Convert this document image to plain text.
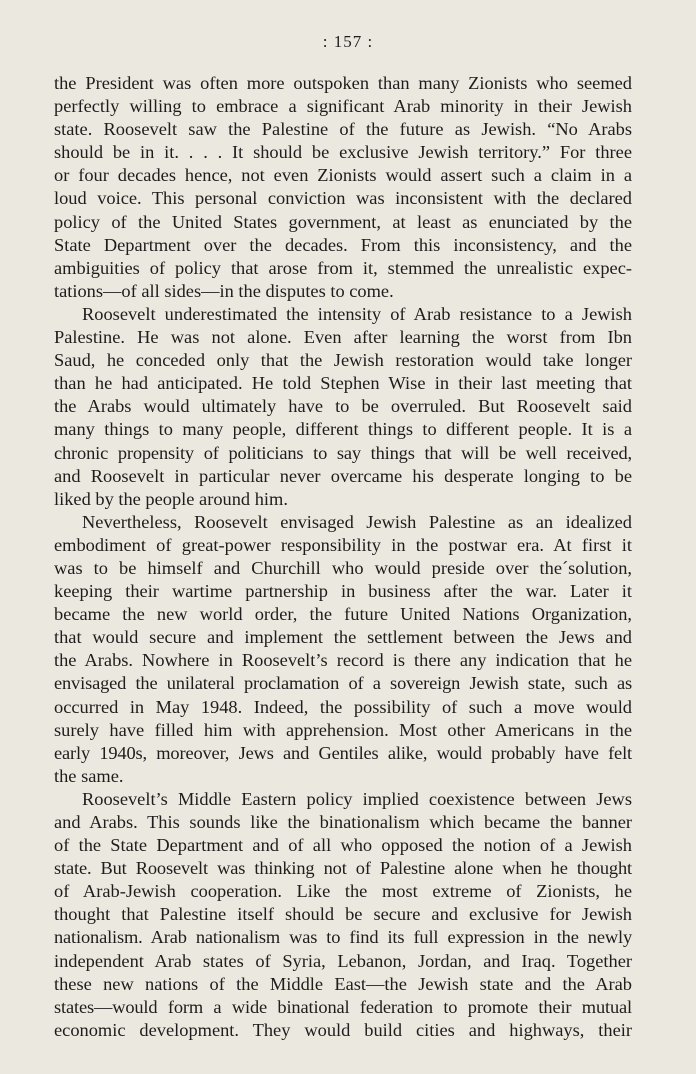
: 157 :
the President was often more outspoken than many Zionists who seemed
perfectly willing to embrace a significant Arab minority in their Jewish
state. Roosevelt saw the Palestine of the future as Jewish. “No Arabs
should be in it. . . . It should be exclusive Jewish territory.” For three
or four decades hence, not even Zionists would assert such a claim in a
loud voice. This personal conviction was inconsistent with the declared
policy of the United States government, at least as enunciated by the
State Department over the decades. From this inconsistency, and the
ambiguities of policy that arose from it, stemmed the unrealistic expec-
tations—of all sides—in the disputes to come.
Roosevelt underestimated the intensity of Arab resistance to a Jewish
Palestine. He was not alone. Even after learning the worst from Ibn
Saud, he conceded only that the Jewish restoration would take longer
than he had anticipated. He told Stephen Wise in their last meeting that
the Arabs would ultimately have to be overruled. But Roosevelt said
many things to many people, different things to different people. It is a
chronic propensity of politicians to say things that will be well received,
and Roosevelt in particular never overcame his desperate longing to be
liked by the people around him.
Nevertheless, Roosevelt envisaged Jewish Palestine as an idealized
embodiment of great-power responsibility in the postwar era. At first it
was to be himself and Churchill who would preside over the´solution,
keeping their wartime partnership in business after the war. Later it
became the new world order, the future United Nations Organization,
that would secure and implement the settlement between the Jews and
the Arabs. Nowhere in Roosevelt’s record is there any indication that he
envisaged the unilateral proclamation of a sovereign Jewish state, such as
occurred in May 1948. Indeed, the possibility of such a move would
surely have filled him with apprehension. Most other Americans in the
early 1940s, moreover, Jews and Gentiles alike, would probably have felt
the same.
Roosevelt’s Middle Eastern policy implied coexistence between Jews
and Arabs. This sounds like the binationalism which became the banner
of the State Department and of all who opposed the notion of a Jewish
state. But Roosevelt was thinking not of Palestine alone when he thought
of Arab-Jewish cooperation. Like the most extreme of Zionists, he
thought that Palestine itself should be secure and exclusive for Jewish
nationalism. Arab nationalism was to find its full expression in the newly
independent Arab states of Syria, Lebanon, Jordan, and Iraq. Together
these new nations of the Middle East—the Jewish state and the Arab
states—would form a wide binational federation to promote their mutual
economic development. They would build cities and highways, their
